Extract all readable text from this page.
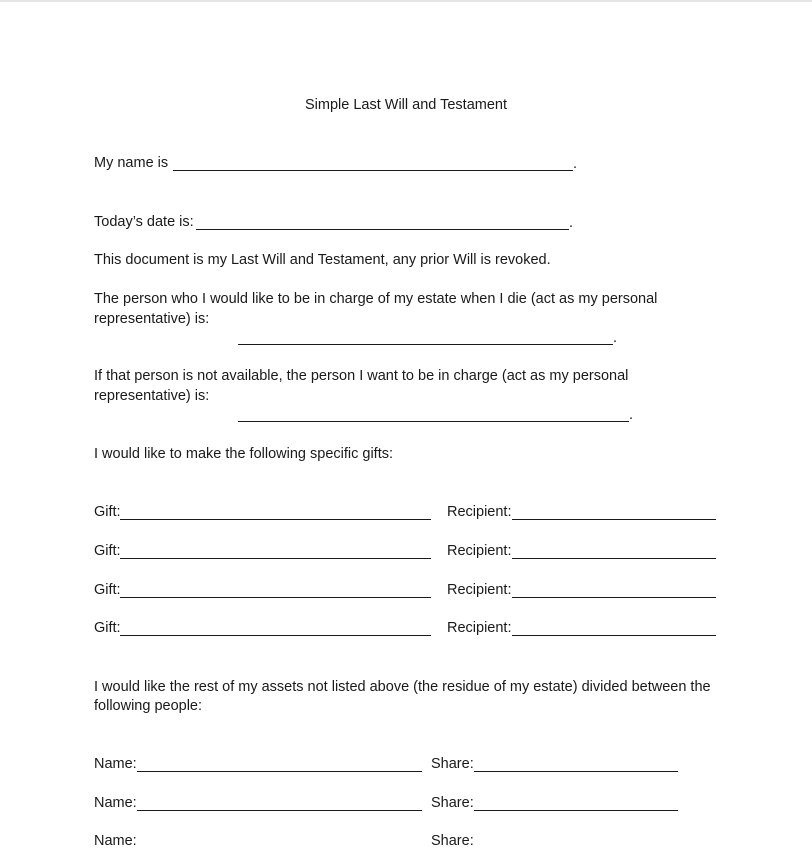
Simple Last Will and Testament
My name is	.
Today’s date is:	.
This document is my Last Will and Testament, any prior Will is revoked.
The person who I would like to be in charge of my estate when I die (act as my personal
representative) is:
.
If that person is not available, the person I want to be in charge (act as my personal
representative) is:
.
I would like to make the following specific gifts:
Gift:	Recipient:
Gift:	Recipient:
Gift:	Recipient:
Gift:	Recipient:
I would like the rest of my assets not listed above (the residue of my estate) divided between the
following people:
Name:	Share:
Name:	Share:
Name:	Share:
